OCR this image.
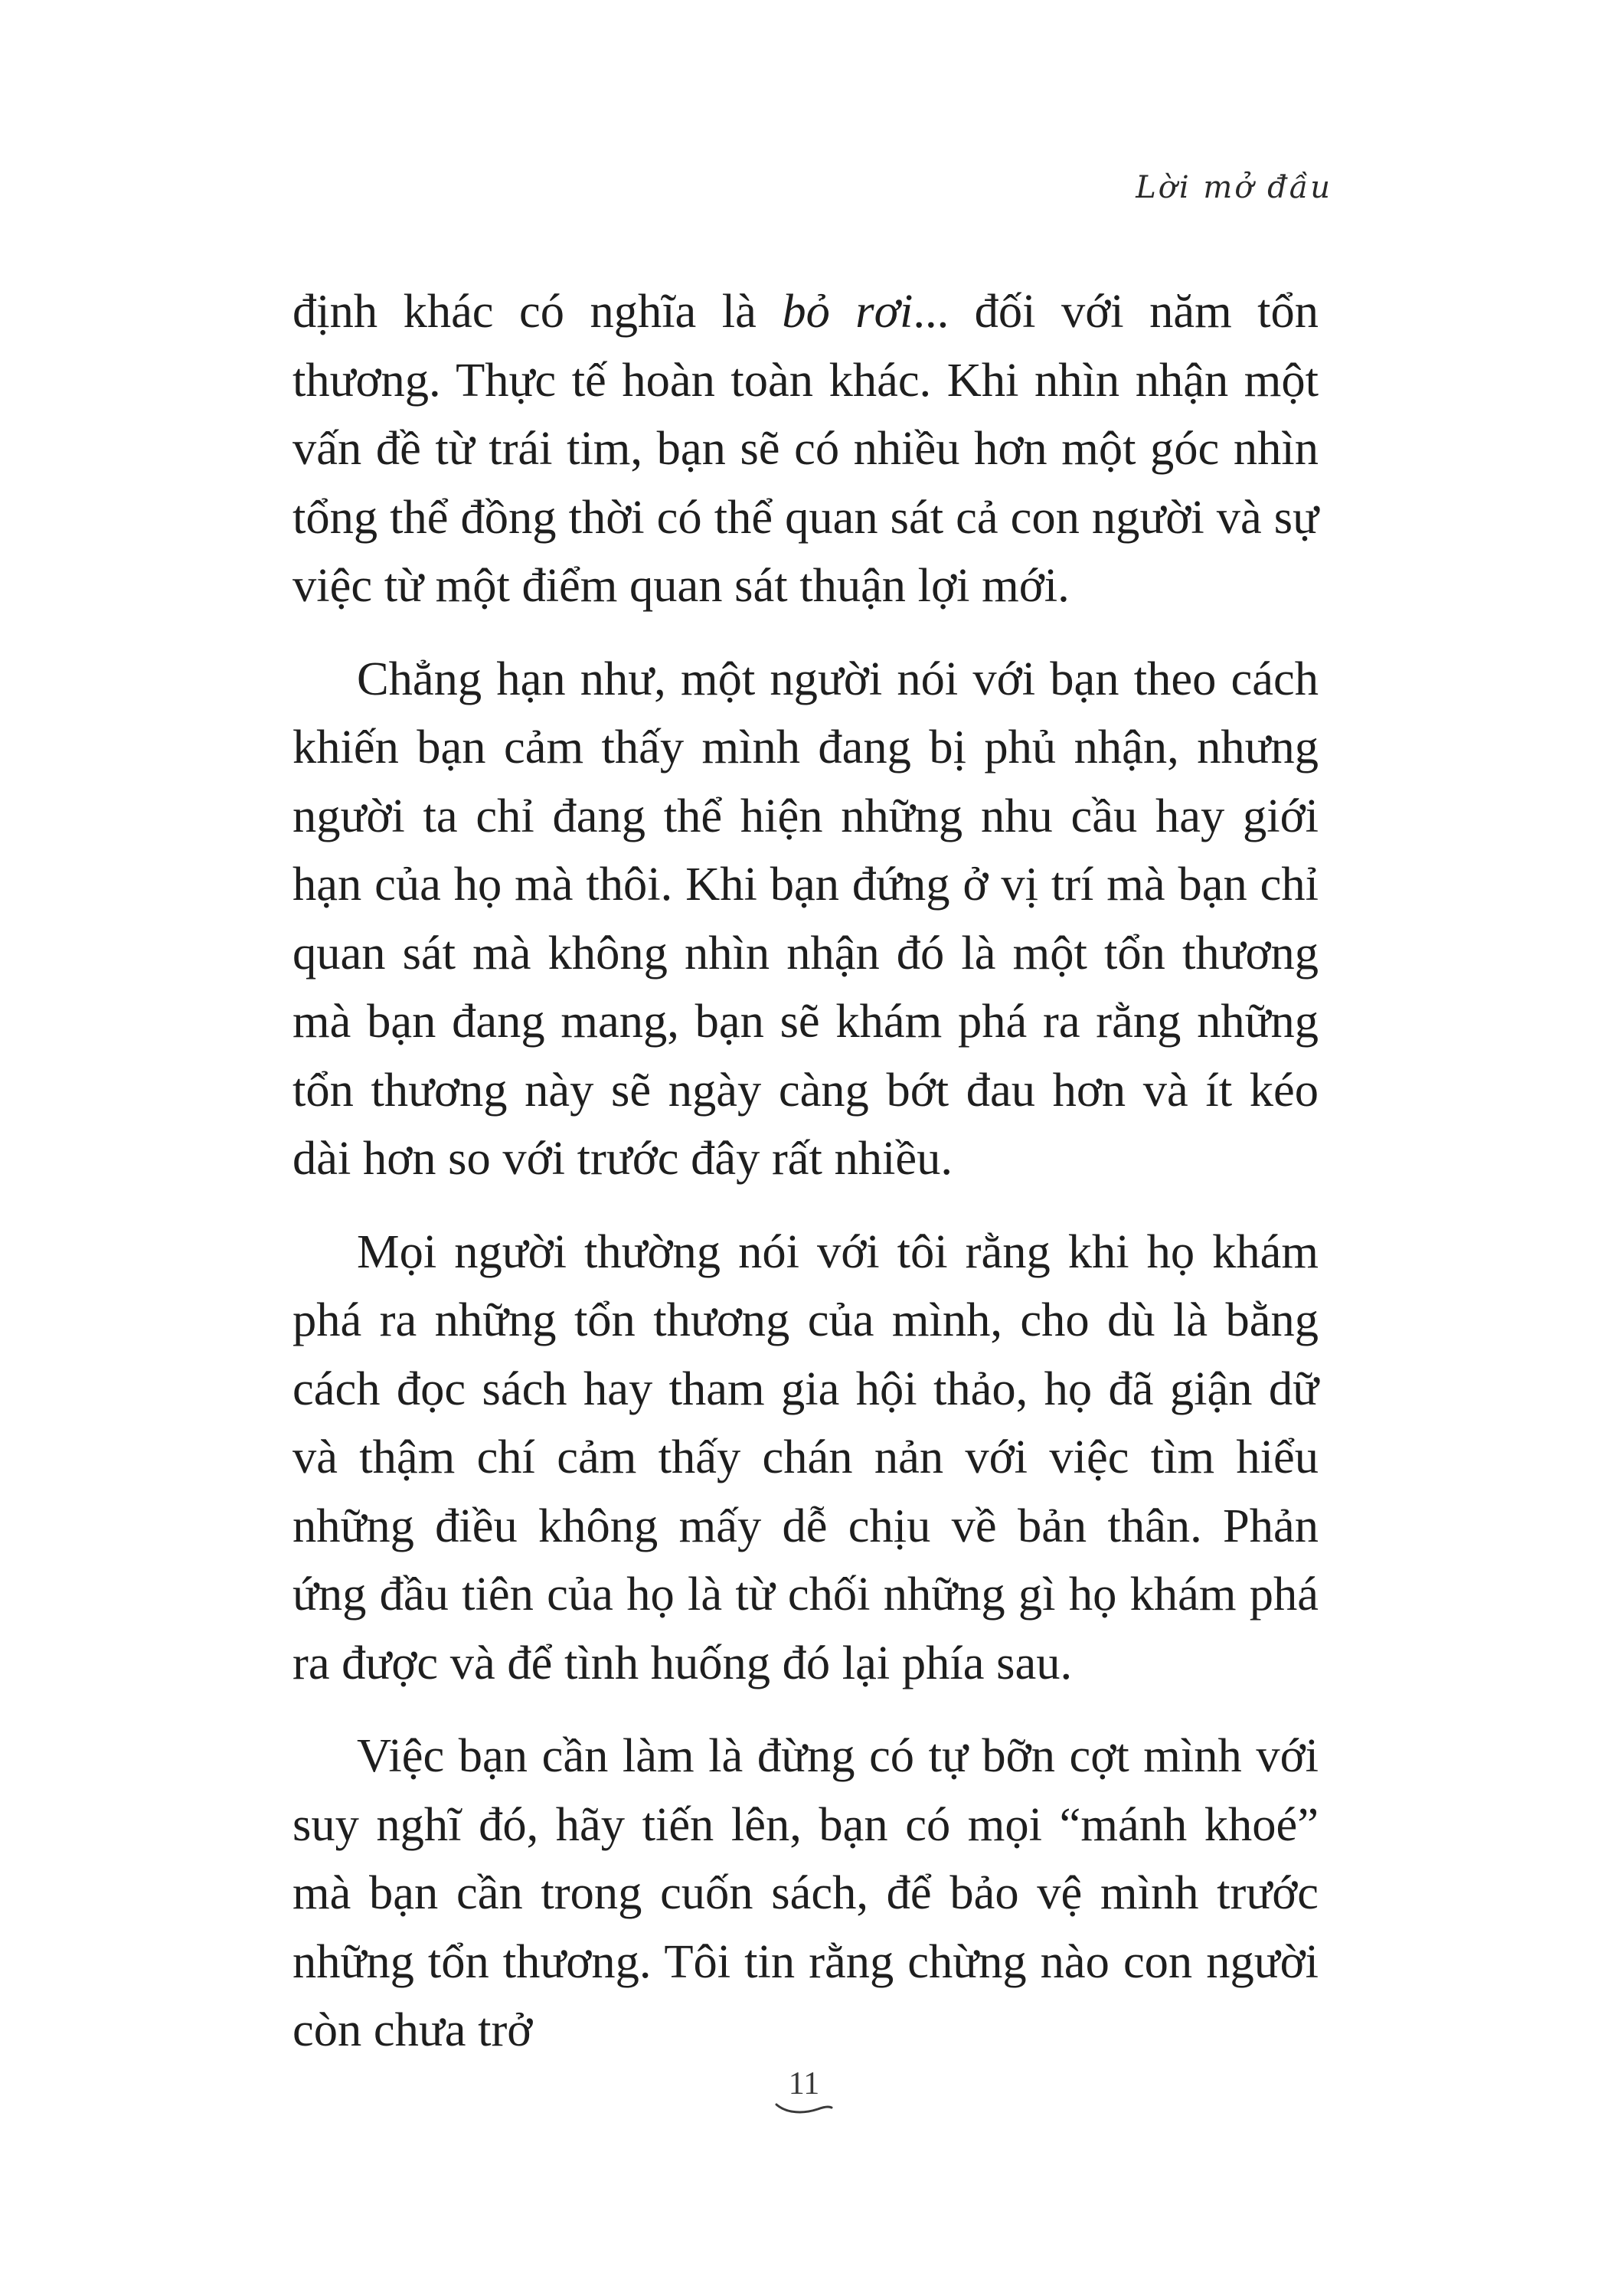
Lời mở đầu

định khác có nghĩa là bỏ rơi... đối với năm tổn thương. Thực tế hoàn toàn khác. Khi nhìn nhận một vấn đề từ trái tim, bạn sẽ có nhiều hơn một góc nhìn tổng thể đồng thời có thể quan sát cả con người và sự việc từ một điểm quan sát thuận lợi mới.

Chẳng hạn như, một người nói với bạn theo cách khiến bạn cảm thấy mình đang bị phủ nhận, nhưng người ta chỉ đang thể hiện những nhu cầu hay giới hạn của họ mà thôi. Khi bạn đứng ở vị trí mà bạn chỉ quan sát mà không nhìn nhận đó là một tổn thương mà bạn đang mang, bạn sẽ khám phá ra rằng những tổn thương này sẽ ngày càng bớt đau hơn và ít kéo dài hơn so với trước đây rất nhiều.

Mọi người thường nói với tôi rằng khi họ khám phá ra những tổn thương của mình, cho dù là bằng cách đọc sách hay tham gia hội thảo, họ đã giận dữ và thậm chí cảm thấy chán nản với việc tìm hiểu những điều không mấy dễ chịu về bản thân. Phản ứng đầu tiên của họ là từ chối những gì họ khám phá ra được và để tình huống đó lại phía sau.

Việc bạn cần làm là đừng có tự bỡn cợt mình với suy nghĩ đó, hãy tiến lên, bạn có mọi “mánh khoé” mà bạn cần trong cuốn sách, để bảo vệ mình trước những tổn thương. Tôi tin rằng chừng nào con người còn chưa trở

11
